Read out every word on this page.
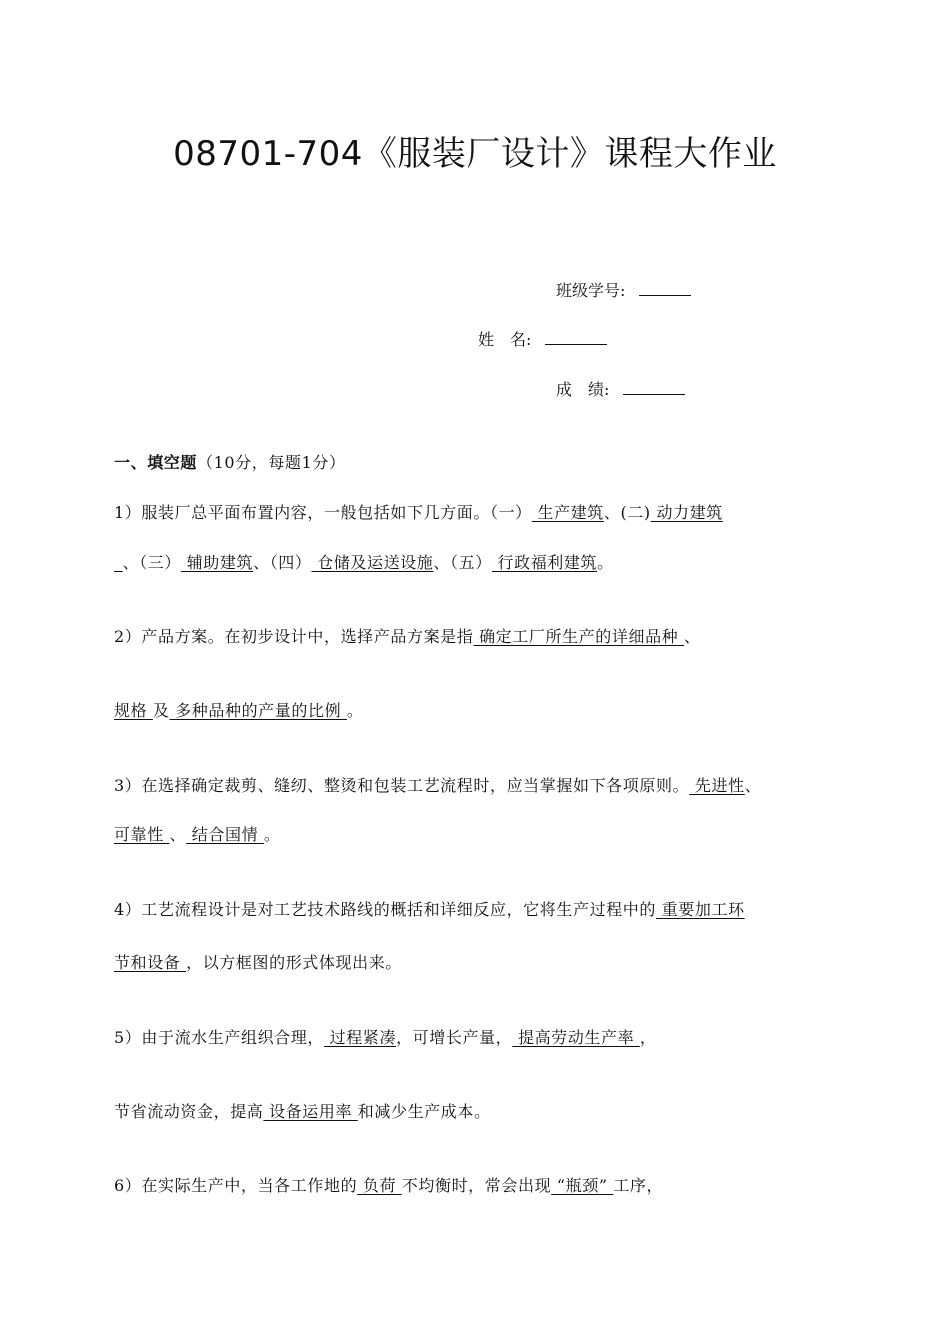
08701-704《服装厂设计》课程大作业
班级学号:
姓　名:
成　绩:
一、填空题（10分，每题1分）
1）服装厂总平面布置内容，一般包括如下几方面。（一） 生产建筑、(二) 动力建筑
_、（三） 辅助建筑、（四） 仓储及运送设施、（五） 行政福利建筑。
2）产品方案。在初步设计中，选择产品方案是指 确定工厂所生产的详细品种 、
规格 及 多种品种的产量的比例 。
3）在选择确定裁剪、缝纫、整烫和包装工艺流程时，应当掌握如下各项原则。 先进性、
可靠性 、 结合国情 。
4）工艺流程设计是对工艺技术路线的概括和详细反应，它将生产过程中的 重要加工环
节和设备 ，以方框图的形式体现出来。
5）由于流水生产组织合理， 过程紧凑，可增长产量， 提高劳动生产率 ，
节省流动资金，提高 设备运用率 和减少生产成本。
6）在实际生产中，当各工作地的 负荷 不均衡时，常会出现 “瓶颈” 工序，
